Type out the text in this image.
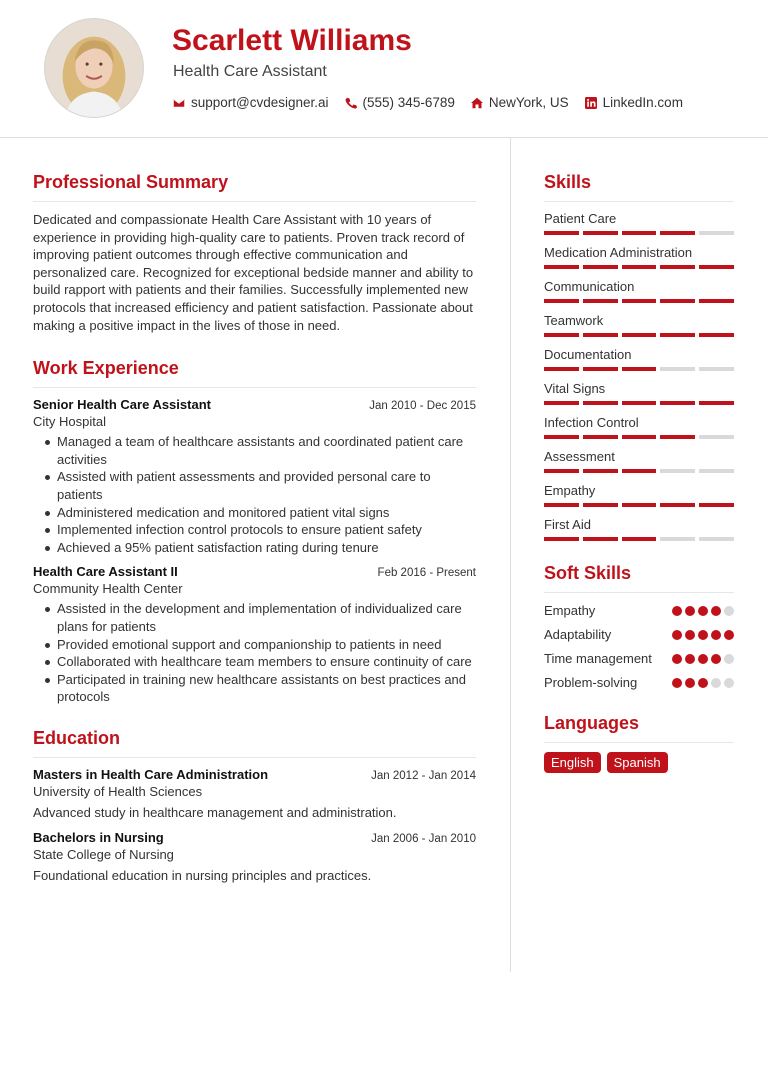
Scarlett Williams
Health Care Assistant
support@cvdesigner.ai	(555) 345-6789	NewYork, US	LinkedIn.com
Professional Summary
Dedicated and compassionate Health Care Assistant with 10 years of experience in providing high-quality care to patients. Proven track record of improving patient outcomes through effective communication and personalized care. Recognized for exceptional bedside manner and ability to build rapport with patients and their families. Successfully implemented new protocols that increased efficiency and patient satisfaction. Passionate about making a positive impact in the lives of those in need.
Work Experience
Senior Health Care Assistant	Jan 2010 - Dec 2015
City Hospital
Managed a team of healthcare assistants and coordinated patient care activities
Assisted with patient assessments and provided personal care to patients
Administered medication and monitored patient vital signs
Implemented infection control protocols to ensure patient safety
Achieved a 95% patient satisfaction rating during tenure
Health Care Assistant II	Feb 2016 - Present
Community Health Center
Assisted in the development and implementation of individualized care plans for patients
Provided emotional support and companionship to patients in need
Collaborated with healthcare team members to ensure continuity of care
Participated in training new healthcare assistants on best practices and protocols
Education
Masters in Health Care Administration	Jan 2012 - Jan 2014
University of Health Sciences
Advanced study in healthcare management and administration.
Bachelors in Nursing	Jan 2006 - Jan 2010
State College of Nursing
Foundational education in nursing principles and practices.
Skills
Patient Care
Medication Administration
Communication
Teamwork
Documentation
Vital Signs
Infection Control
Assessment
Empathy
First Aid
Soft Skills
Empathy
Adaptability
Time management
Problem-solving
Languages
English	Spanish
